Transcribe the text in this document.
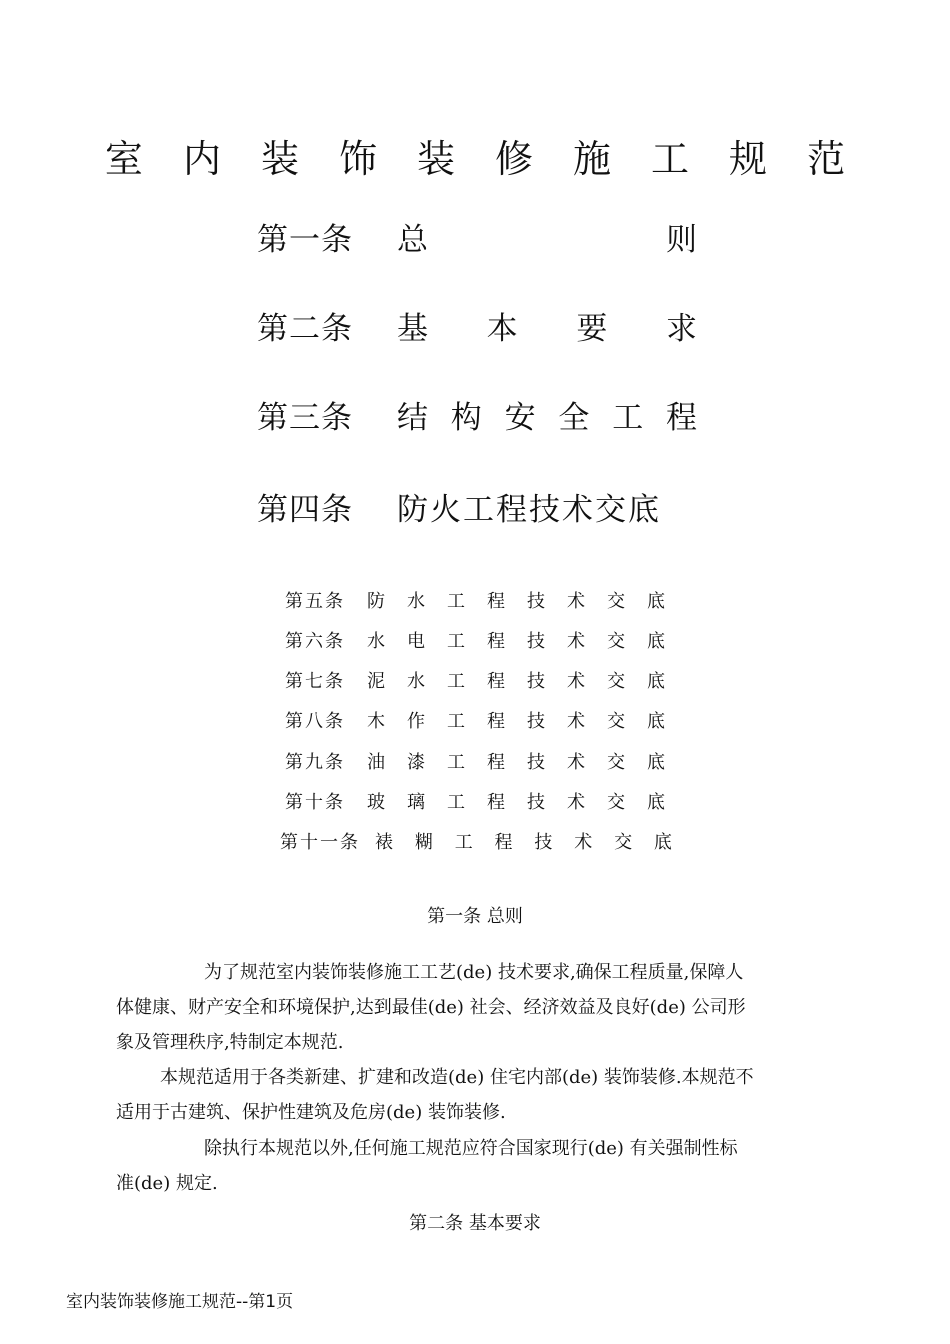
室 内 装 饰 装 修 施 工 规 范
第一条 总	则
第二条 基 本 要 求
第三条 结 构 安 全 工 程
第四条 防火工程技术交底
第五条 防 水 工 程 技 术 交 底
第六条 水 电 工 程 技 术 交 底
第七条 泥 水 工 程 技 术 交 底
第八条 木 作 工 程 技 术 交 底
第九条 油 漆 工 程 技 术 交 底
第十条 玻 璃 工 程 技 术 交 底
第十一条 裱 糊 工 程 技 术 交 底
第一条 总则
为了规范室内装饰装修施工工艺(de) 技术要求,确保工程质量,保障人
体健康、财产安全和环境保护,达到最佳(de) 社会、经济效益及良好(de) 公司形
象及管理秩序,特制定本规范.
本规范适用于各类新建、扩建和改造(de) 住宅内部(de) 装饰装修.本规范不
适用于古建筑、保护性建筑及危房(de) 装饰装修.
除执行本规范以外,任何施工规范应符合国家现行(de) 有关强制性标
准(de) 规定.
第二条 基本要求
室内装饰装修施工规范--第1页
